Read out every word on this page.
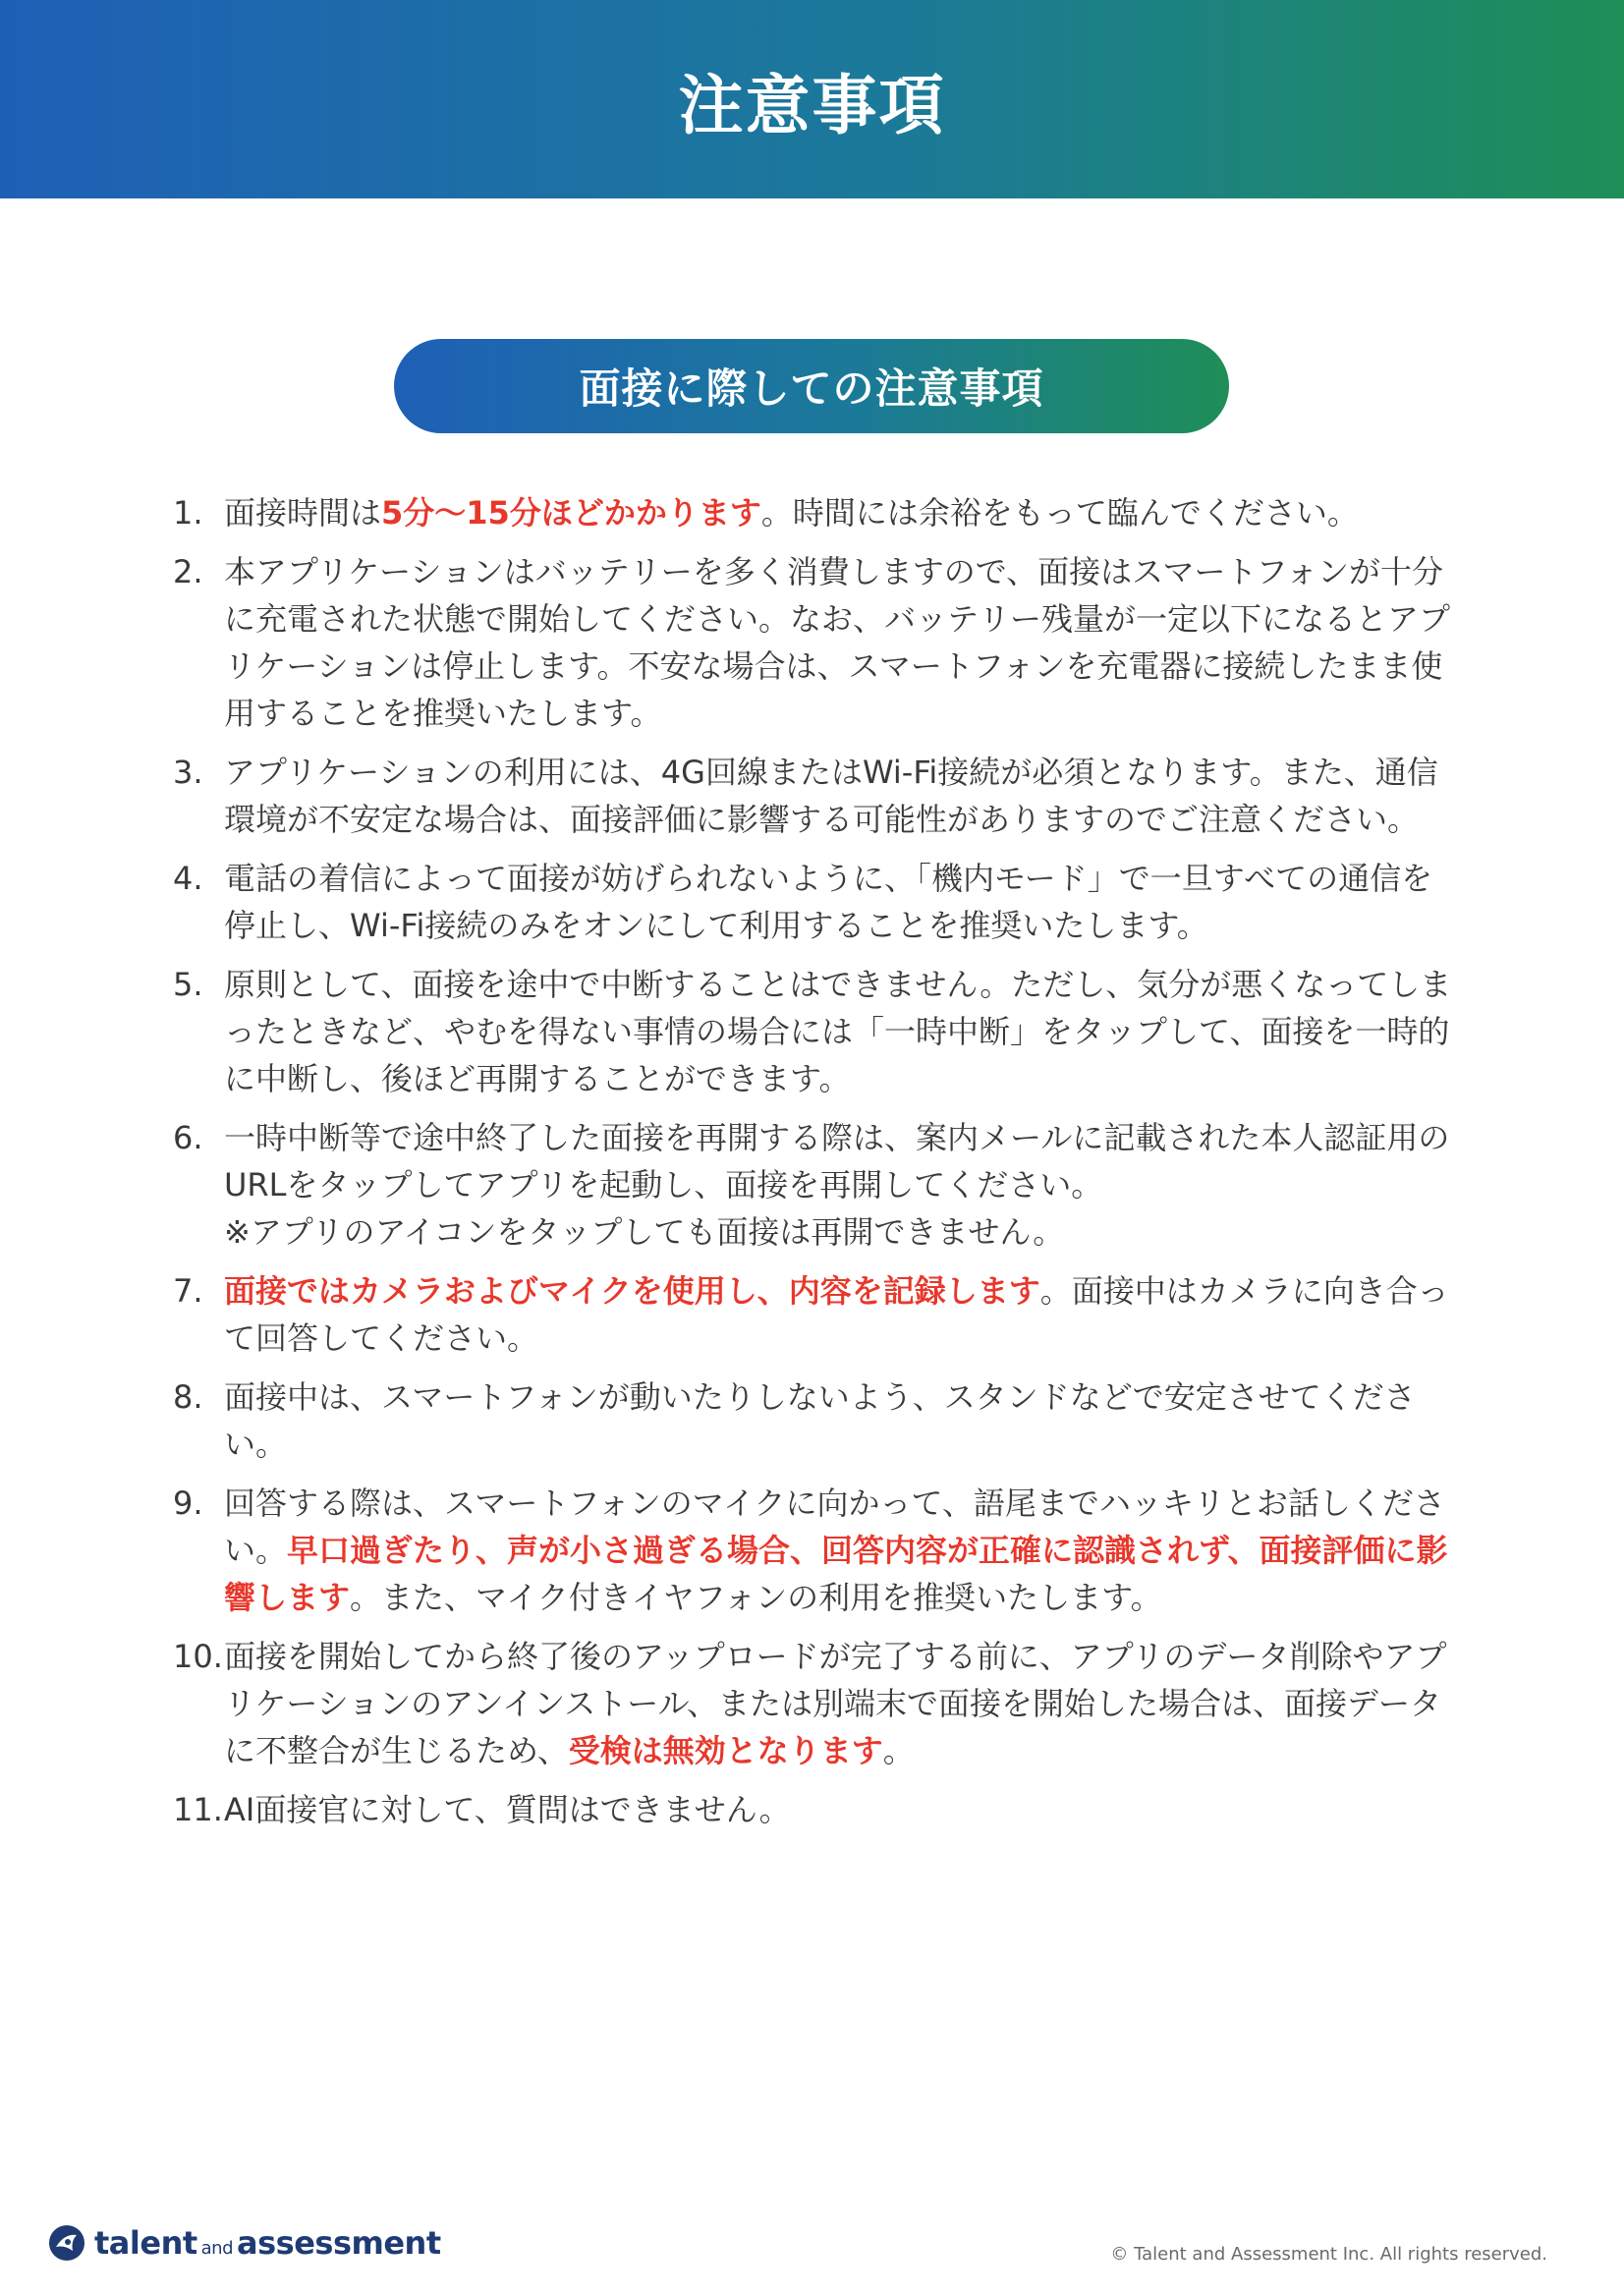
注意事項
面接に際しての注意事項
1. 面接時間は5分〜15分ほどかかります。時間には余裕をもって臨んでください。
2. 本アプリケーションはバッテリーを多く消費しますので、面接はスマートフォンが十分に充電された状態で開始してください。なお、バッテリー残量が一定以下になるとアプリケーションは停止します。不安な場合は、スマートフォンを充電器に接続したまま使用することを推奨いたします。
3. アプリケーションの利用には、4G回線またはWi-Fi接続が必須となります。また、通信環境が不安定な場合は、面接評価に影響する可能性がありますのでご注意ください。
4. 電話の着信によって面接が妨げられないように、「機内モード」で一旦すべての通信を停止し、Wi-Fi接続のみをオンにして利用することを推奨いたします。
5. 原則として、面接を途中で中断することはできません。ただし、気分が悪くなってしまったときなど、やむを得ない事情の場合には「一時中断」をタップして、面接を一時的に中断し、後ほど再開することができます。
6. 一時中断等で途中終了した面接を再開する際は、案内メールに記載された本人認証用のURLをタップしてアプリを起動し、面接を再開してください。
※アプリのアイコンをタップしても面接は再開できません。
7. 面接ではカメラおよびマイクを使用し、内容を記録します。面接中はカメラに向き合って回答してください。
8. 面接中は、スマートフォンが動いたりしないよう、スタンドなどで安定させてください。
9. 回答する際は、スマートフォンのマイクに向かって、語尾までハッキリとお話しください。早口過ぎたり、声が小さ過ぎる場合、回答内容が正確に認識されず、面接評価に影響します。また、マイク付きイヤフォンの利用を推奨いたします。
10. 面接を開始してから終了後のアップロードが完了する前に、アプリのデータ削除やアプリケーションのアンインストール、または別端末で面接を開始した場合は、面接データに不整合が生じるため、受検は無効となります。
11. AI面接官に対して、質問はできません。
talent and assessment	© Talent and Assessment Inc. All rights reserved.
